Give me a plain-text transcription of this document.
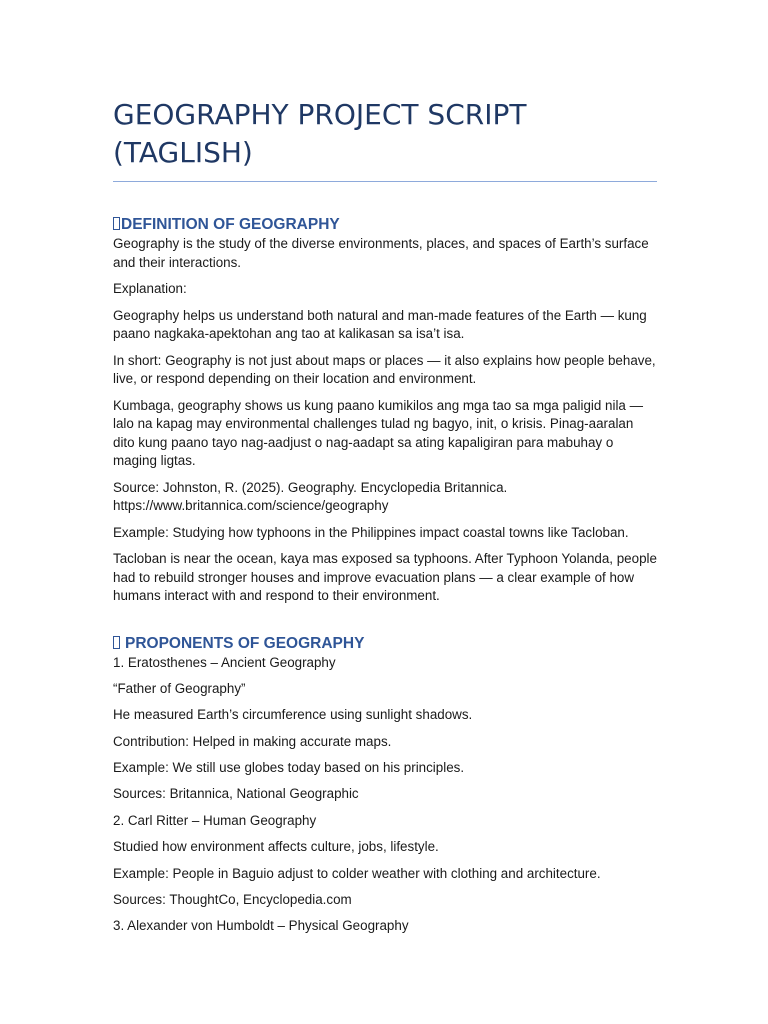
GEOGRAPHY PROJECT SCRIPT (TAGLISH)
DEFINITION OF GEOGRAPHY

Geography is the study of the diverse environments, places, and spaces of Earth’s surface and their interactions.

Explanation:

Geography helps us understand both natural and man-made features of the Earth — kung paano nagkaka-apektohan ang tao at kalikasan sa isa’t isa.

In short: Geography is not just about maps or places — it also explains how people behave, live, or respond depending on their location and environment.

Kumbaga, geography shows us kung paano kumikilos ang mga tao sa mga paligid nila — lalo na kapag may environmental challenges tulad ng bagyo, init, o krisis. Pinag-aaralan dito kung paano tayo nag-aadjust o nag-aadapt sa ating kapaligiran para mabuhay o maging ligtas.

Source: Johnston, R. (2025). Geography. Encyclopedia Britannica. https://www.britannica.com/science/geography

Example: Studying how typhoons in the Philippines impact coastal towns like Tacloban.

Tacloban is near the ocean, kaya mas exposed sa typhoons. After Typhoon Yolanda, people had to rebuild stronger houses and improve evacuation plans — a clear example of how humans interact with and respond to their environment.

PROPONENTS OF GEOGRAPHY

1. Eratosthenes – Ancient Geography

“Father of Geography”

He measured Earth’s circumference using sunlight shadows.

Contribution: Helped in making accurate maps.

Example: We still use globes today based on his principles.

Sources: Britannica, National Geographic

2. Carl Ritter – Human Geography

Studied how environment affects culture, jobs, lifestyle.

Example: People in Baguio adjust to colder weather with clothing and architecture.

Sources: ThoughtCo, Encyclopedia.com

3. Alexander von Humboldt – Physical Geography
